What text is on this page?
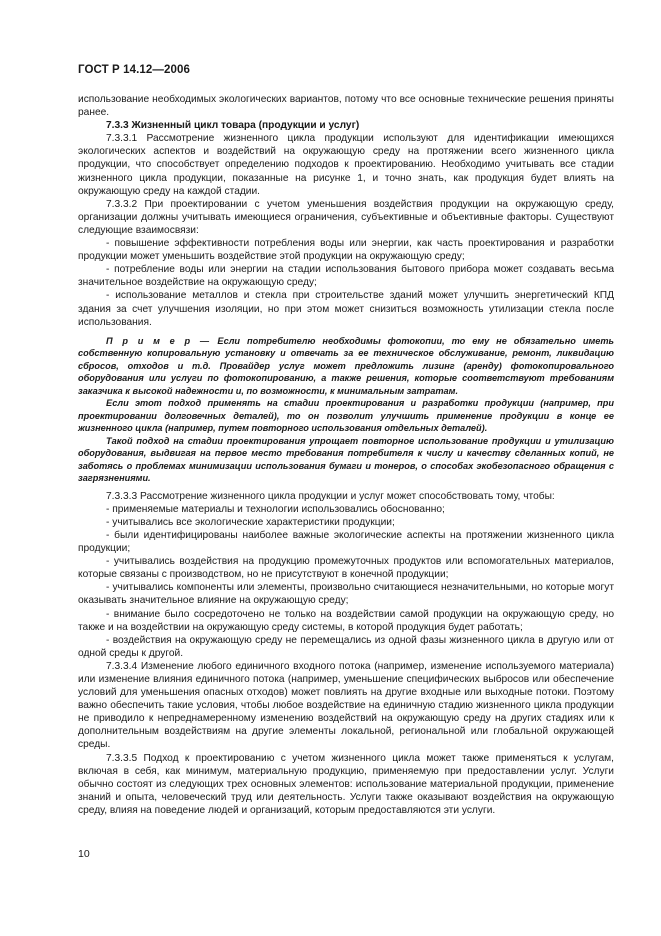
ГОСТ Р 14.12—2006

использование необходимых экологических вариантов, потому что все основные технические решения приняты ранее.

7.3.3 Жизненный цикл товара (продукции и услуг)

7.3.3.1 Рассмотрение жизненного цикла продукции используют для идентификации имеющихся экологических аспектов и воздействий на окружающую среду на протяжении всего жизненного цикла продукции, что способствует определению подходов к проектированию. Необходимо учитывать все стадии жизненного цикла продукции, показанные на рисунке 1, и точно знать, как продукция будет влиять на окружающую среду на каждой стадии.

7.3.3.2 При проектировании с учетом уменьшения воздействия продукции на окружающую среду, организации должны учитывать имеющиеся ограничения, субъективные и объективные факторы. Существуют следующие взаимосвязи:

- повышение эффективности потребления воды или энергии, как часть проектирования и разработки продукции может уменьшить воздействие этой продукции на окружающую среду;

- потребление воды или энергии на стадии использования бытового прибора может создавать весьма значительное воздействие на окружающую среду;

- использование металлов и стекла при строительстве зданий может улучшить энергетический КПД здания за счет улучшения изоляции, но при этом может снизиться возможность утилизации стекла после использования.

П р и м е р — Если потребителю необходимы фотокопии, то ему не обязательно иметь собственную копировальную установку и отвечать за ее техническое обслуживание, ремонт, ликвидацию сбросов, отходов и т.д. Провайдер услуг может предложить лизинг (аренду) фотокопировального оборудования или услуги по фотокопированию, а также решения, которые соответствуют требованиям заказчика к высокой надежности и, по возможности, к минимальным затратам.

Если этот подход применять на стадии проектирования и разработки продукции (например, при проектировании долговечных деталей), то он позволит улучшить применение продукции в конце ее жизненного цикла (например, путем повторного использования отдельных деталей).

Такой подход на стадии проектирования упрощает повторное использование продукции и утилизацию оборудования, выдвигая на первое место требования потребителя к числу и качеству сделанных копий, не заботясь о проблемах минимизации использования бумаги и тонеров, о способах экобезопасного обращения с загрязнениями.

7.3.3.3 Рассмотрение жизненного цикла продукции и услуг может способствовать тому, чтобы:

- применяемые материалы и технологии использовались обоснованно;

- учитывались все экологические характеристики продукции;

- были идентифицированы наиболее важные экологические аспекты на протяжении жизненного цикла продукции;

- учитывались воздействия на продукцию промежуточных продуктов или вспомогательных материалов, которые связаны с производством, но не присутствуют в конечной продукции;

- учитывались компоненты или элементы, произвольно считающиеся незначительными, но которые могут оказывать значительное влияние на окружающую среду;

- внимание было сосредоточено не только на воздействии самой продукции на окружающую среду, но также и на воздействии на окружающую среду системы, в которой продукция будет работать;

- воздействия на окружающую среду не перемещались из одной фазы жизненного цикла в другую или от одной среды к другой.

7.3.3.4 Изменение любого единичного входного потока (например, изменение используемого материала) или изменение влияния единичного потока (например, уменьшение специфических выбросов или обеспечение условий для уменьшения опасных отходов) может повлиять на другие входные или выходные потоки. Поэтому важно обеспечить такие условия, чтобы любое воздействие на единичную стадию жизненного цикла продукции не приводило к непреднамеренному изменению воздействий на окружающую среду на других стадиях или к дополнительным воздействиям на другие элементы локальной, региональной или глобальной окружающей среды.

7.3.3.5 Подход к проектированию с учетом жизненного цикла может также применяться к услугам, включая в себя, как минимум, материальную продукцию, применяемую при предоставлении услуг. Услуги обычно состоят из следующих трех основных элементов: использование материальной продукции, применение знаний и опыта, человеческий труд или деятельность. Услуги также оказывают воздействия на окружающую среду, влияя на поведение людей и организаций, которым предоставляются эти услуги.

10
